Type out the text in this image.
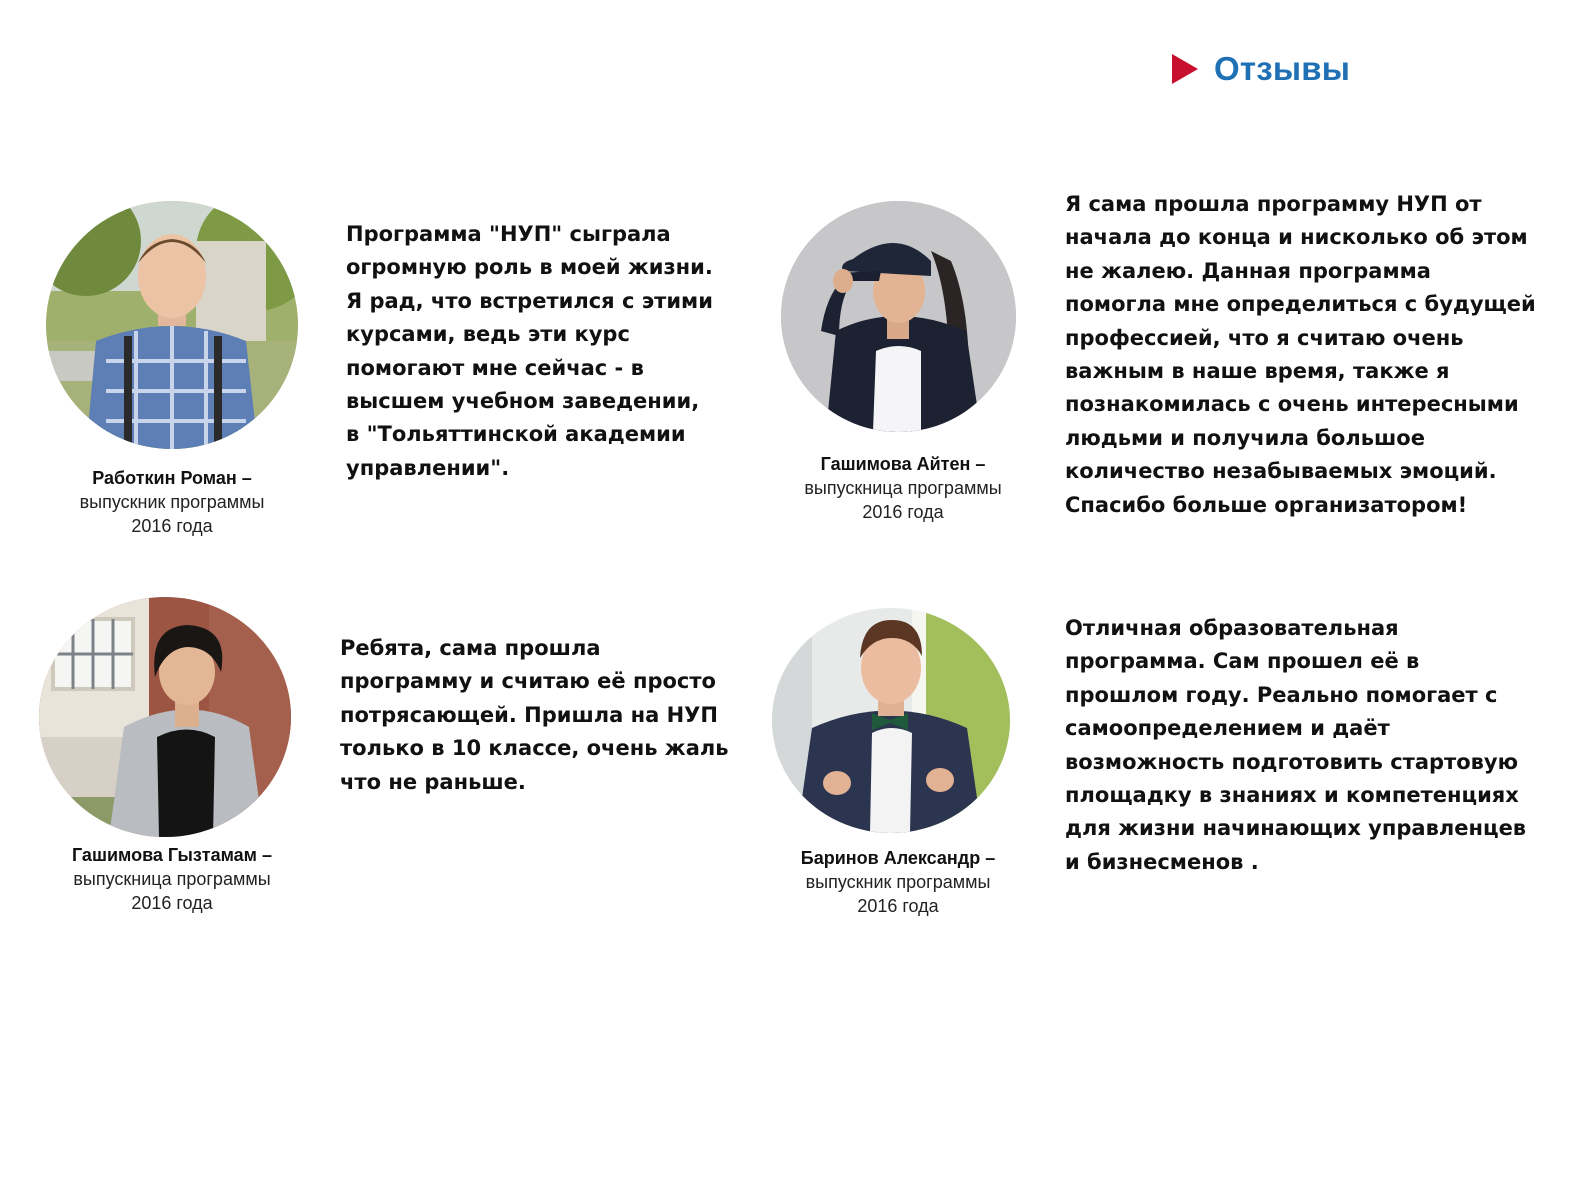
Отзывы
Работкин Роман –
выпускник программы
2016 года

Программа "НУП" сыграла
огромную роль в моей жизни.
Я рад, что встретился с этими
курсами, ведь эти курс
помогают мне сейчас - в
высшем учебном заведении,
в "Тольяттинской академии
управлении".	Гашимова Айтен –
выпускница программы
2016 года

Я сама прошла программу НУП от
начала до конца и нисколько об этом
не жалею. Данная программа
помогла мне определиться с будущей
профессией, что я считаю очень
важным в наше время, также я
познакомилась с очень интересными
людьми и получила большое
количество незабываемых эмоций.
Спасибо больше организатором!

Гашимова Гызтамам –
выпускница программы
2016 года

Ребята, сама прошла
программу и считаю её просто
потрясающей. Пришла на НУП
только в 10 классе, очень жаль
что не раньше.

Баринов Александр –
выпускник программы
2016 года

Отличная образовательная
программа. Сам прошел её в
прошлом году. Реально помогает с
самоопределением и даёт
возможность подготовить стартовую
площадку в знаниях и компетенциях
для жизни начинающих управленцев
и бизнесменов .
